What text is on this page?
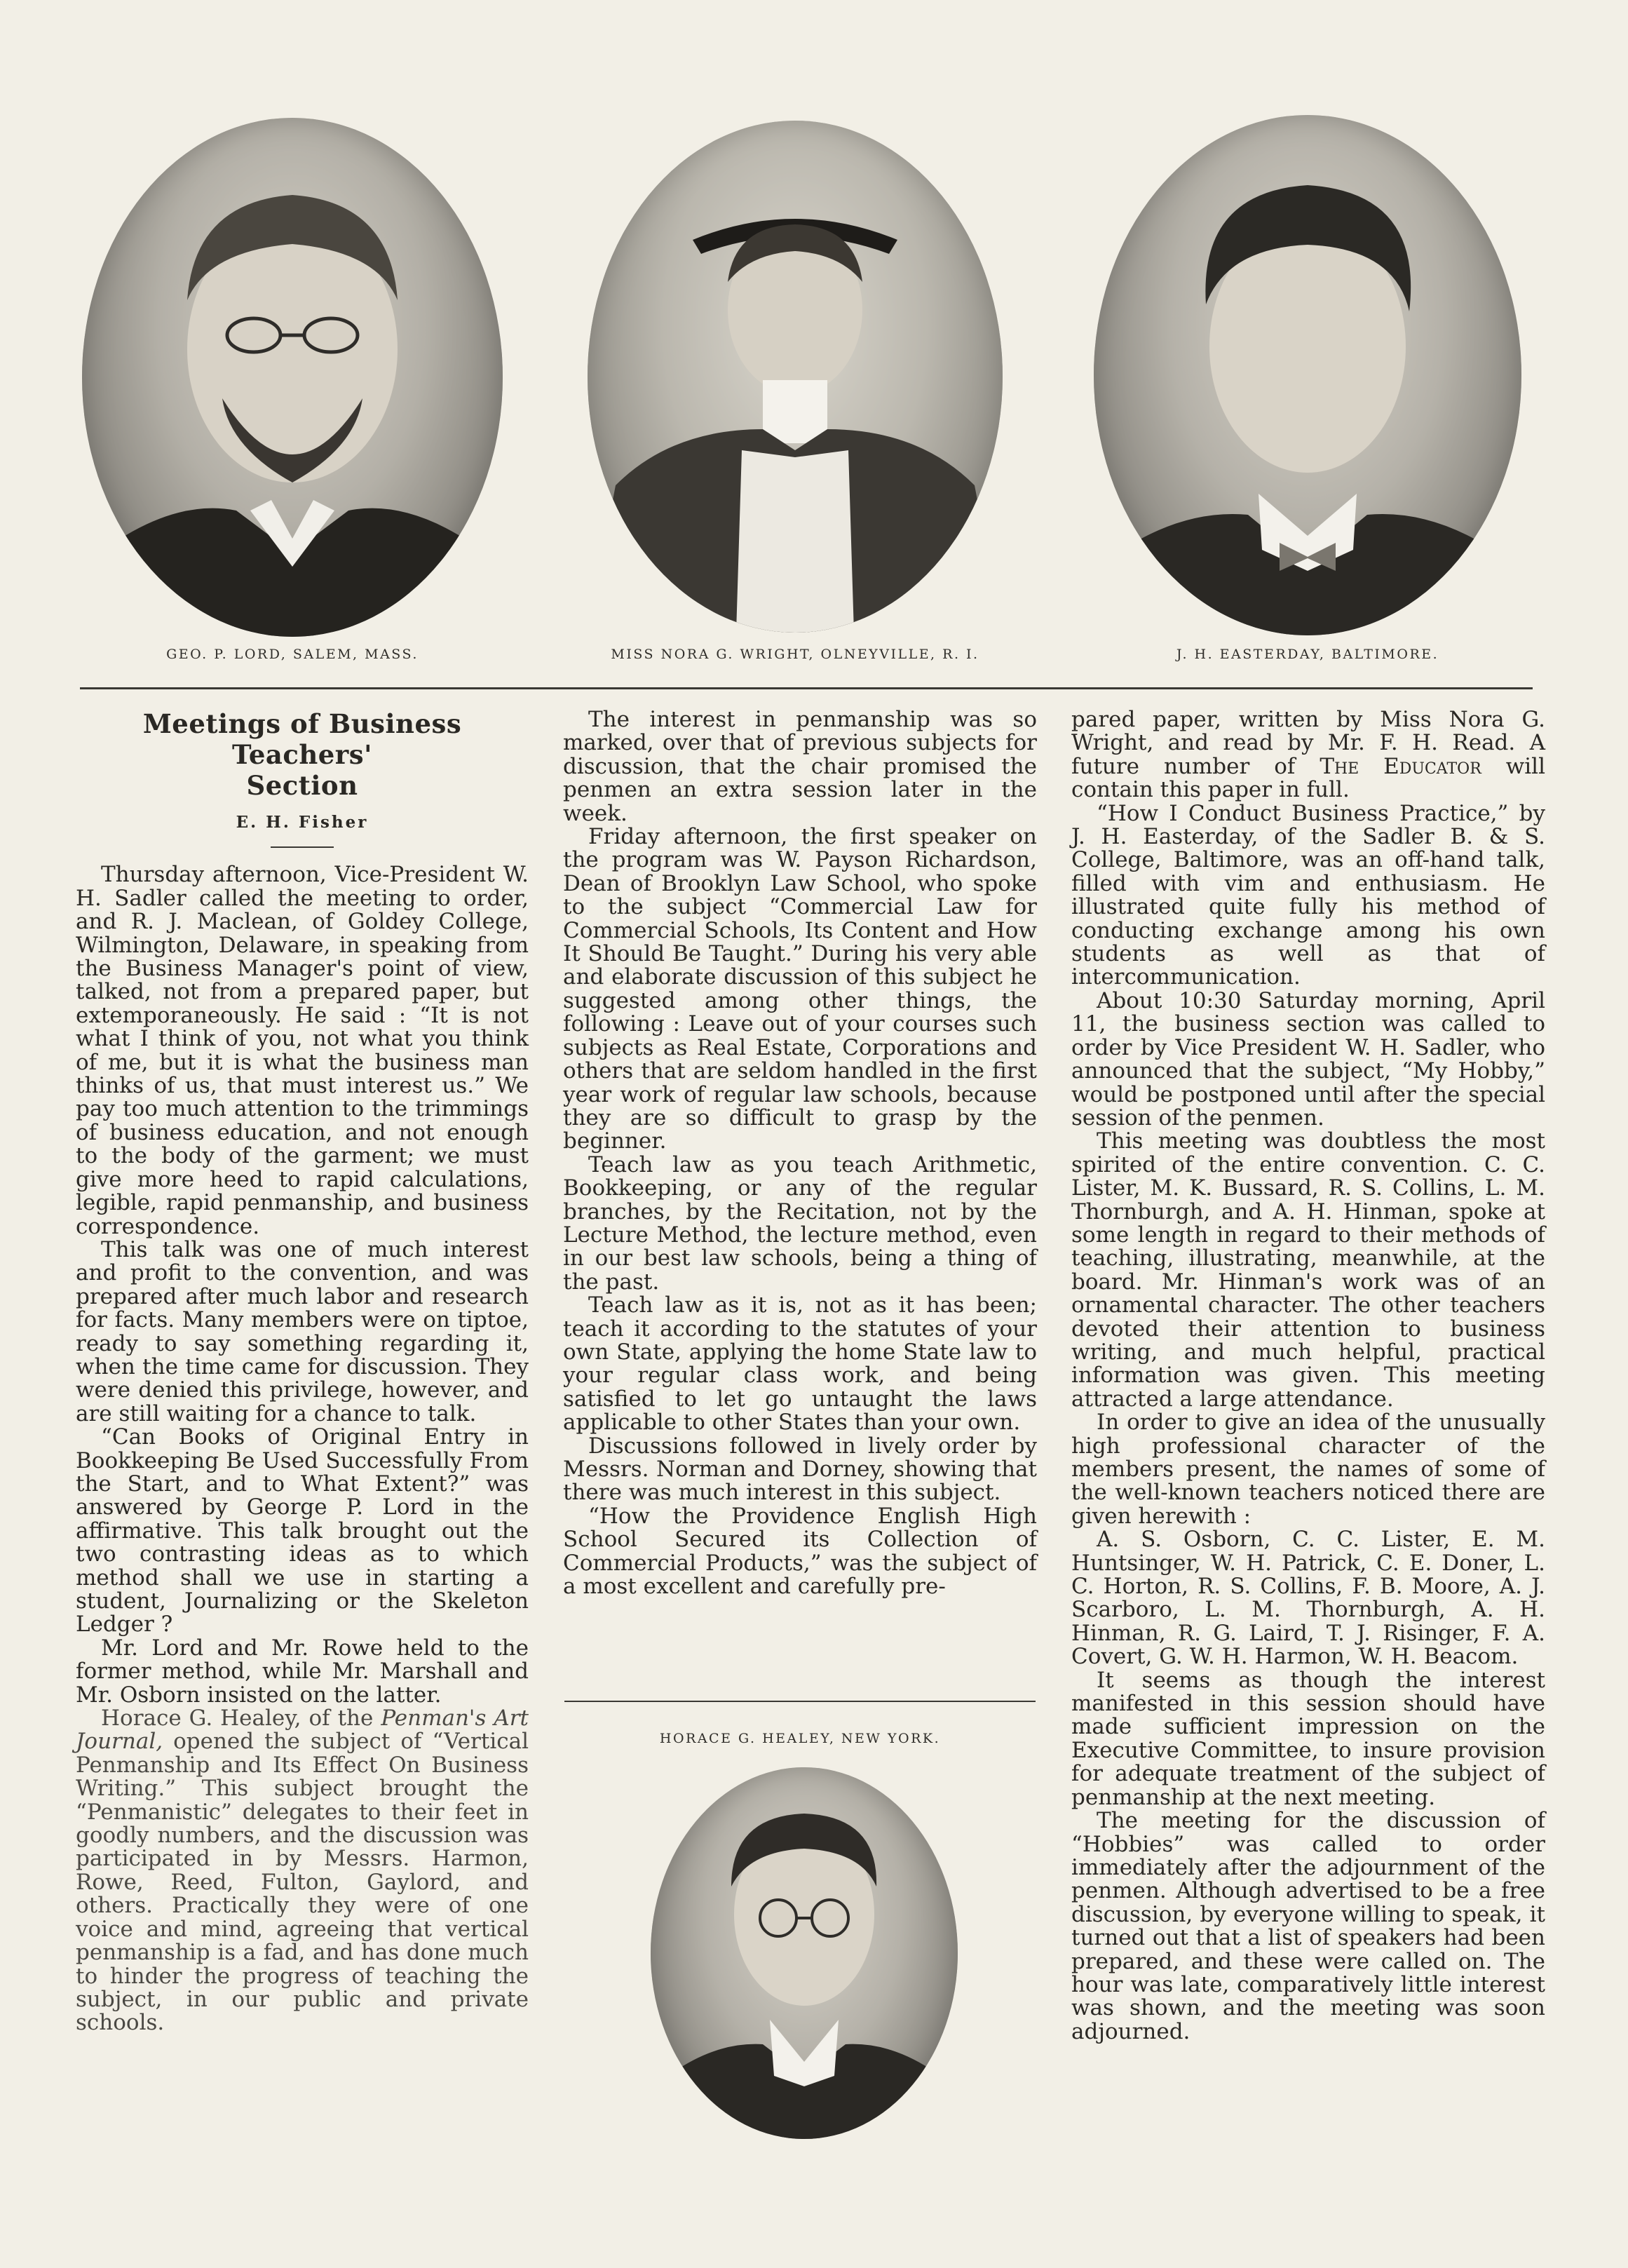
GEO. P. LORD, SALEM, MASS.	MISS NORA G. WRIGHT, OLNEYVILLE, R. I.	J. H. EASTERDAY, BALTIMORE.
Meetings of Business Teachers'
Section
E. H. Fisher

Thursday afternoon, Vice-President W. H. Sadler called the meeting to order, and R. J. Maclean, of Goldey College, Wilmington, Delaware, in speaking from the Business Manager's point of view, talked, not from a prepared paper, but extemporaneously. He said : “It is not what I think of you, not what you think of me, but it is what the business man thinks of us, that must interest us.” We pay too much attention to the trimmings of business education, and not enough to the body of the garment; we must give more heed to rapid calculations, legible, rapid penmanship, and business correspondence.

This talk was one of much interest and profit to the convention, and was prepared after much labor and research for facts. Many members were on tiptoe, ready to say something regarding it, when the time came for discussion. They were denied this privilege, however, and are still waiting for a chance to talk.

“Can Books of Original Entry in Bookkeeping Be Used Successfully From the Start, and to What Extent?” was answered by George P. Lord in the affirmative. This talk brought out the two contrasting ideas as to which method shall we use in starting a student, Journalizing or the Skeleton Ledger ?

Mr. Lord and Mr. Rowe held to the former method, while Mr. Marshall and Mr. Osborn insisted on the latter.

Horace G. Healey, of the Penman's Art Journal, opened the subject of “Vertical Penmanship and Its Effect On Business Writing.” This subject brought the “Penmanistic” delegates to their feet in goodly numbers, and the discussion was participated in by Messrs. Harmon, Rowe, Reed, Fulton, Gaylord, and others. Practically they were of one voice and mind, agreeing that vertical penmanship is a fad, and has done much to hinder the progress of teaching the subject, in our public and private schools.

The interest in penmanship was so marked, over that of previous subjects for discussion, that the chair promised the penmen an extra session later in the week.

Friday afternoon, the first speaker on the program was W. Payson Richardson, Dean of Brooklyn Law School, who spoke to the subject “Commercial Law for Commercial Schools, Its Content and How It Should Be Taught.” During his very able and elaborate discussion of this subject he suggested among other things, the following : Leave out of your courses such subjects as Real Estate, Corporations and others that are seldom handled in the first year work of regular law schools, because they are so difficult to grasp by the beginner.

Teach law as you teach Arithmetic, Bookkeeping, or any of the regular branches, by the Recitation, not by the Lecture Method, the lecture method, even in our best law schools, being a thing of the past.

Teach law as it is, not as it has been; teach it according to the statutes of your own State, applying the home State law to your regular class work, and being satisfied to let go untaught the laws applicable to other States than your own.

Discussions followed in lively order by Messrs. Norman and Dorney, showing that there was much interest in this subject.

“How the Providence English High School Secured its Collection of Commercial Products,” was the subject of a most excellent and carefully pre-

HORACE G. HEALEY, NEW YORK.

pared paper, written by Miss Nora G. Wright, and read by Mr. F. H. Read. A future number of The Educator will contain this paper in full.

“How I Conduct Business Practice,” by J. H. Easterday, of the Sadler B. & S. College, Baltimore, was an off-hand talk, filled with vim and enthusiasm. He illustrated quite fully his method of conducting exchange among his own students as well as that of intercommunication.

About 10:30 Saturday morning, April 11, the business section was called to order by Vice President W. H. Sadler, who announced that the subject, “My Hobby,” would be postponed until after the special session of the penmen.

This meeting was doubtless the most spirited of the entire convention. C. C. Lister, M. K. Bussard, R. S. Collins, L. M. Thornburgh, and A. H. Hinman, spoke at some length in regard to their methods of teaching, illustrating, meanwhile, at the board. Mr. Hinman's work was of an ornamental character. The other teachers devoted their attention to business writing, and much helpful, practical information was given. This meeting attracted a large attendance.

In order to give an idea of the unusually high professional character of the members present, the names of some of the well-known teachers noticed there are given herewith :

A. S. Osborn, C. C. Lister, E. M. Huntsinger, W. H. Patrick, C. E. Doner, L. C. Horton, R. S. Collins, F. B. Moore, A. J. Scarboro, L. M. Thornburgh, A. H. Hinman, R. G. Laird, T. J. Risinger, F. A. Covert, G. W. H. Harmon, W. H. Beacom.

It seems as though the interest manifested in this session should have made sufficient impression on the Executive Committee, to insure provision for adequate treatment of the subject of penmanship at the next meeting.

The meeting for the discussion of “Hobbies” was called to order immediately after the adjournment of the penmen. Although advertised to be a free discussion, by everyone willing to speak, it turned out that a list of speakers had been prepared, and these were called on. The hour was late, comparatively little interest was shown, and the meeting was soon adjourned.
